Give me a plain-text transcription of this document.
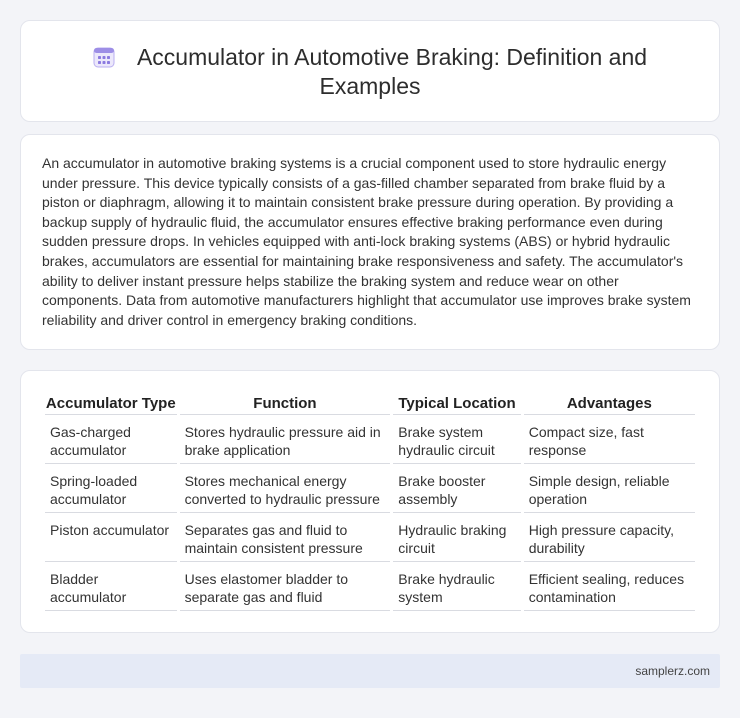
Accumulator in Automotive Braking: Definition and Examples

An accumulator in automotive braking systems is a crucial component used to store hydraulic energy under pressure. This device typically consists of a gas-filled chamber separated from brake fluid by a piston or diaphragm, allowing it to maintain consistent brake pressure during operation. By providing a backup supply of hydraulic fluid, the accumulator ensures effective braking performance even during sudden pressure drops. In vehicles equipped with anti-lock braking systems (ABS) or hybrid hydraulic brakes, accumulators are essential for maintaining brake responsiveness and safety. The accumulator's ability to deliver instant pressure helps stabilize the braking system and reduce wear on other components. Data from automotive manufacturers highlight that accumulator use improves brake system reliability and driver control in emergency braking conditions.

Accumulator Type	Function	Typical Location	Advantages
Gas-charged accumulator	Stores hydraulic pressure aid in brake application	Brake system hydraulic circuit	Compact size, fast response
Spring-loaded accumulator	Stores mechanical energy converted to hydraulic pressure	Brake booster assembly	Simple design, reliable operation
Piston accumulator	Separates gas and fluid to maintain consistent pressure	Hydraulic braking circuit	High pressure capacity, durability
Bladder accumulator	Uses elastomer bladder to separate gas and fluid	Brake hydraulic system	Efficient sealing, reduces contamination
samplerz.com
